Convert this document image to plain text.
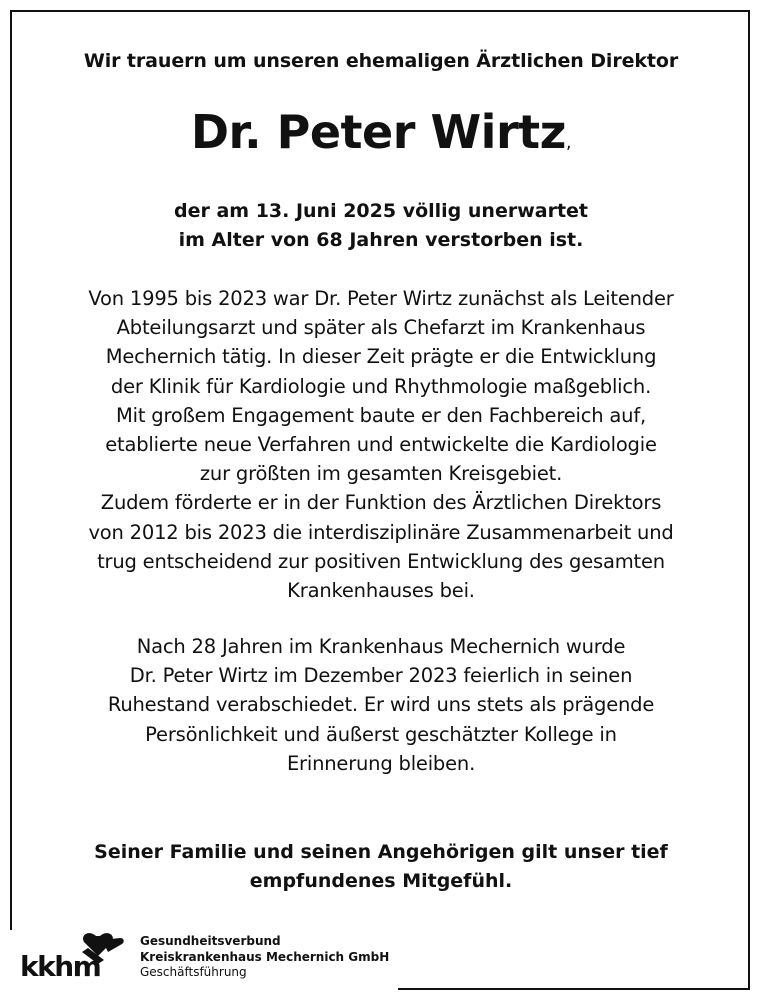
Wir trauern um unseren ehemaligen Ärztlichen Direktor
Dr. Peter Wirtz,
der am 13. Juni 2025 völlig unerwartet
im Alter von 68 Jahren verstorben ist.
Von 1995 bis 2023 war Dr. Peter Wirtz zunächst als Leitender
Abteilungsarzt und später als Chefarzt im Krankenhaus
Mechernich tätig. In dieser Zeit prägte er die Entwicklung
der Klinik für Kardiologie und Rhythmologie maßgeblich.
Mit großem Engagement baute er den Fachbereich auf,
etablierte neue Verfahren und entwickelte die Kardiologie
zur größten im gesamten Kreisgebiet.
Zudem förderte er in der Funktion des Ärztlichen Direktors
von 2012 bis 2023 die interdisziplinäre Zusammenarbeit und
trug entscheidend zur positiven Entwicklung des gesamten
Krankenhauses bei.
Nach 28 Jahren im Krankenhaus Mechernich wurde
Dr. Peter Wirtz im Dezember 2023 feierlich in seinen
Ruhestand verabschiedet. Er wird uns stets als prägende
Persönlichkeit und äußerst geschätzter Kollege in
Erinnerung bleiben.
Seiner Familie und seinen Angehörigen gilt unser tief
empfundenes Mitgefühl.
kkhm
Gesundheitsverbund
Kreiskrankenhaus Mechernich GmbH
Geschäftsführung
